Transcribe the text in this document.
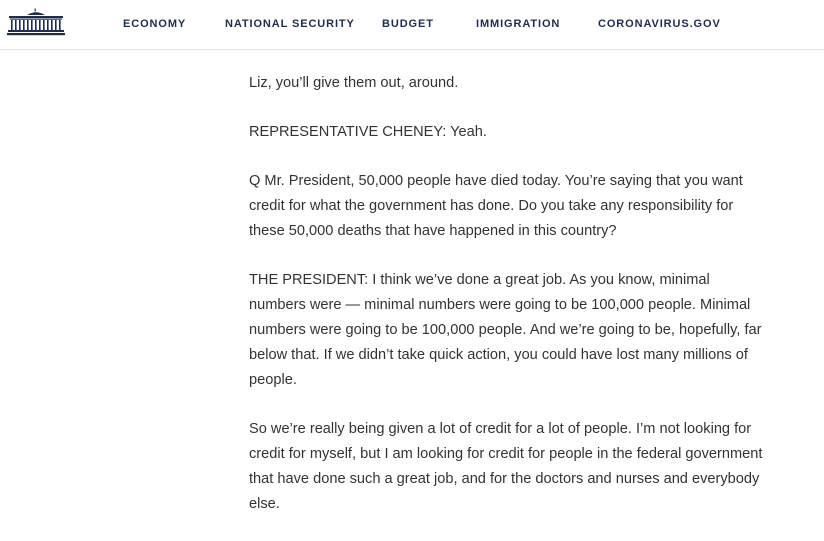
ECONOMY	NATIONAL SECURITY BUDGET	IMMIGRATION	CORONAVIRUS.GOV

Liz, you’ll give them out, around.

REPRESENTATIVE CHENEY: Yeah.

Q Mr. President, 50,000 people have died today. You’re saying that you want credit for what the government has done. Do you take any responsibility for these 50,000 deaths that have happened in this country?

THE PRESIDENT: I think we’ve done a great job. As you know, minimal numbers were — minimal numbers were going to be 100,000 people. Minimal numbers were going to be 100,000 people. And we’re going to be, hopefully, far below that. If we didn’t take quick action, you could have lost many millions of people.

So we’re really being given a lot of credit for a lot of people. I’m not looking for credit for myself, but I am looking for credit for people in the federal government that have done such a great job, and for the doctors and nurses and everybody else.
